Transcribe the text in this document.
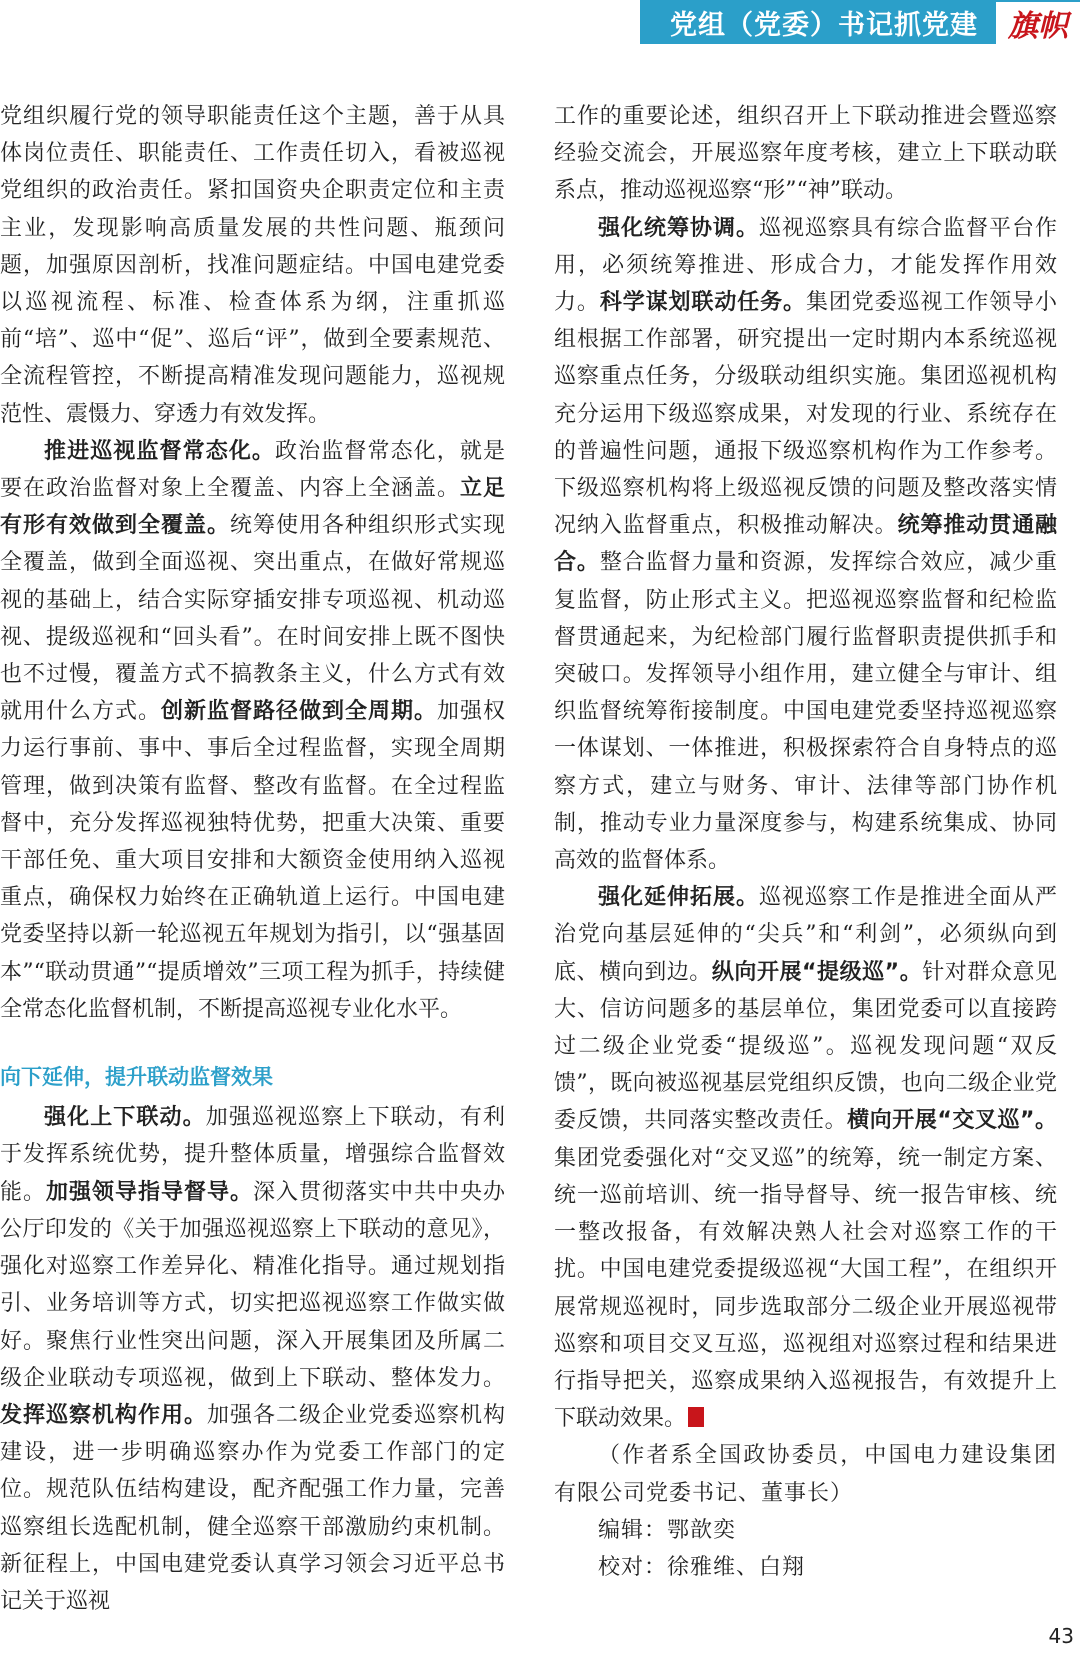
党组（党委）书记抓党建	旗帜

党组织履行党的领导职能责任这个主题，善于从具体岗位责任、职能责任、工作责任切入，看被巡视党组织的政治责任。紧扣国资央企职责定位和主责主业，发现影响高质量发展的共性问题、瓶颈问题，加强原因剖析，找准问题症结。中国电建党委以巡视流程、标准、检查体系为纲，注重抓巡前“培”、巡中“促”、巡后“评”，做到全要素规范、全流程管控，不断提高精准发现问题能力，巡视规范性、震慑力、穿透力有效发挥。

推进巡视监督常态化。政治监督常态化，就是要在政治监督对象上全覆盖、内容上全涵盖。立足有形有效做到全覆盖。统筹使用各种组织形式实现全覆盖，做到全面巡视、突出重点，在做好常规巡视的基础上，结合实际穿插安排专项巡视、机动巡视、提级巡视和“回头看”。在时间安排上既不图快也不过慢，覆盖方式不搞教条主义，什么方式有效就用什么方式。创新监督路径做到全周期。加强权力运行事前、事中、事后全过程监督，实现全周期管理，做到决策有监督、整改有监督。在全过程监督中，充分发挥巡视独特优势，把重大决策、重要干部任免、重大项目安排和大额资金使用纳入巡视重点，确保权力始终在正确轨道上运行。中国电建党委坚持以新一轮巡视五年规划为指引，以“强基固本”“联动贯通”“提质增效”三项工程为抓手，持续健全常态化监督机制，不断提高巡视专业化水平。

向下延伸，提升联动监督效果

强化上下联动。加强巡视巡察上下联动，有利于发挥系统优势，提升整体质量，增强综合监督效能。加强领导指导督导。深入贯彻落实中共中央办公厅印发的《关于加强巡视巡察上下联动的意见》，强化对巡察工作差异化、精准化指导。通过规划指引、业务培训等方式，切实把巡视巡察工作做实做好。聚焦行业性突出问题，深入开展集团及所属二级企业联动专项巡视，做到上下联动、整体发力。发挥巡察机构作用。加强各二级企业党委巡察机构建设，进一步明确巡察办作为党委工作部门的定位。规范队伍结构建设，配齐配强工作力量，完善巡察组长选配机制，健全巡察干部激励约束机制。新征程上，中国电建党委认真学习领会习近平总书记关于巡视

工作的重要论述，组织召开上下联动推进会暨巡察经验交流会，开展巡察年度考核，建立上下联动联系点，推动巡视巡察“形”“神”联动。

强化统筹协调。巡视巡察具有综合监督平台作用，必须统筹推进、形成合力，才能发挥作用效力。科学谋划联动任务。集团党委巡视工作领导小组根据工作部署，研究提出一定时期内本系统巡视巡察重点任务，分级联动组织实施。集团巡视机构充分运用下级巡察成果，对发现的行业、系统存在的普遍性问题，通报下级巡察机构作为工作参考。下级巡察机构将上级巡视反馈的问题及整改落实情况纳入监督重点，积极推动解决。统筹推动贯通融合。整合监督力量和资源，发挥综合效应，减少重复监督，防止形式主义。把巡视巡察监督和纪检监督贯通起来，为纪检部门履行监督职责提供抓手和突破口。发挥领导小组作用，建立健全与审计、组织监督统筹衔接制度。中国电建党委坚持巡视巡察一体谋划、一体推进，积极探索符合自身特点的巡察方式，建立与财务、审计、法律等部门协作机制，推动专业力量深度参与，构建系统集成、协同高效的监督体系。

强化延伸拓展。巡视巡察工作是推进全面从严治党向基层延伸的“尖兵”和“利剑”，必须纵向到底、横向到边。纵向开展“提级巡”。针对群众意见大、信访问题多的基层单位，集团党委可以直接跨过二级企业党委“提级巡”。巡视发现问题“双反馈”，既向被巡视基层党组织反馈，也向二级企业党委反馈，共同落实整改责任。横向开展“交叉巡”。集团党委强化对“交叉巡”的统筹，统一制定方案、统一巡前培训、统一指导督导、统一报告审核、统一整改报备，有效解决熟人社会对巡察工作的干扰。中国电建党委提级巡视“大国工程”，在组织开展常规巡视时，同步选取部分二级企业开展巡视带巡察和项目交叉互巡，巡视组对巡察过程和结果进行指导把关，巡察成果纳入巡视报告，有效提升上下联动效果。

（作者系全国政协委员，中国电力建设集团有限公司党委书记、董事长）

编辑：鄂歆奕

校对：徐雅维、白翔

43
